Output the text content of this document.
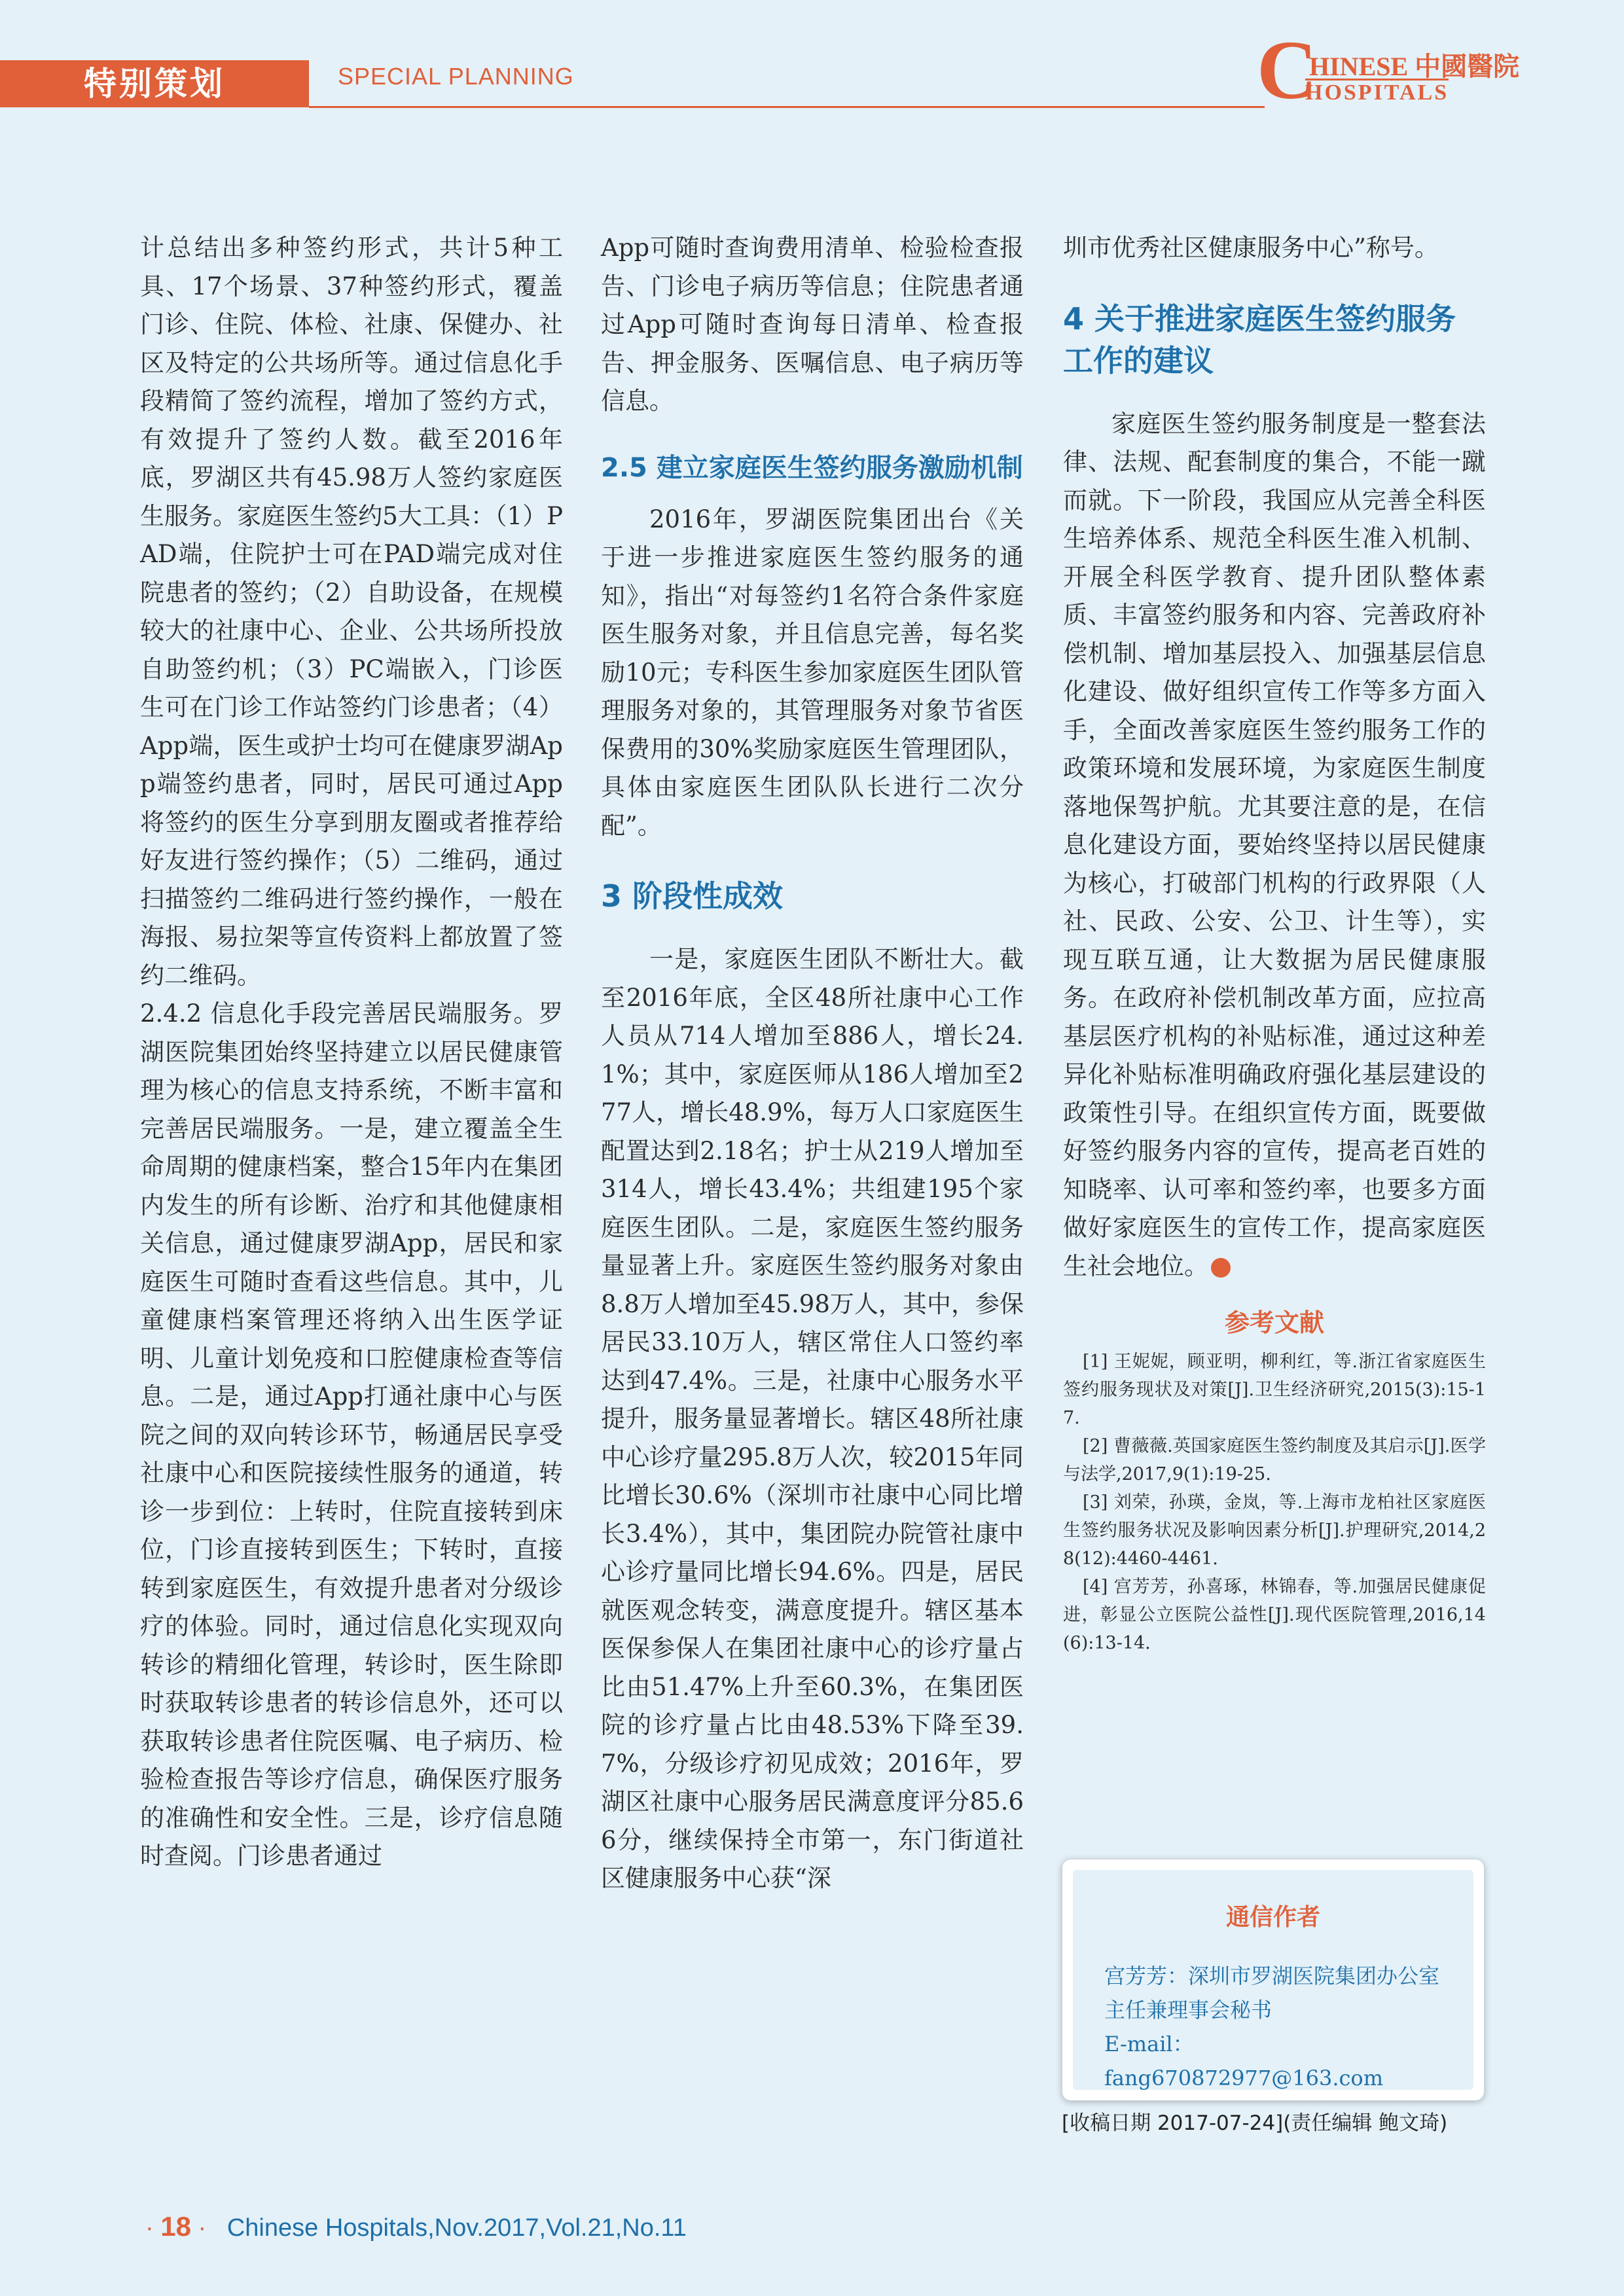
特别策划	SPECIAL PLANNING	C
HINESE 中國醫院
HOSPITALS

计总结出多种签约形式，共计5种工具、17个场景、37种签约形式，覆盖门诊、住院、体检、社康、保健办、社区及特定的公共场所等。通过信息化手段精简了签约流程，增加了签约方式，有效提升了签约人数。截至2016年底，罗湖区共有45.98万人签约家庭医生服务。家庭医生签约5大工具：（1）PAD端，住院护士可在PAD端完成对住院患者的签约；（2）自助设备，在规模较大的社康中心、企业、公共场所投放自助签约机；（3）PC端嵌入，门诊医生可在门诊工作站签约门诊患者；（4）App端，医生或护士均可在健康罗湖App端签约患者，同时，居民可通过App将签约的医生分享到朋友圈或者推荐给好友进行签约操作；（5）二维码，通过扫描签约二维码进行签约操作，一般在海报、易拉架等宣传资料上都放置了签约二维码。

2.4.2 信息化手段完善居民端服务。罗湖医院集团始终坚持建立以居民健康管理为核心的信息支持系统，不断丰富和完善居民端服务。一是，建立覆盖全生命周期的健康档案，整合15年内在集团内发生的所有诊断、治疗和其他健康相关信息，通过健康罗湖App，居民和家庭医生可随时查看这些信息。其中，儿童健康档案管理还将纳入出生医学证明、儿童计划免疫和口腔健康检查等信息。二是，通过App打通社康中心与医院之间的双向转诊环节，畅通居民享受社康中心和医院接续性服务的通道，转诊一步到位：上转时，住院直接转到床位，门诊直接转到医生；下转时，直接转到家庭医生，有效提升患者对分级诊疗的体验。同时，通过信息化实现双向转诊的精细化管理，转诊时，医生除即时获取转诊患者的转诊信息外，还可以获取转诊患者住院医嘱、电子病历、检验检查报告等诊疗信息，确保医疗服务的准确性和安全性。三是，诊疗信息随时查阅。门诊患者通过

App可随时查询费用清单、检验检查报告、门诊电子病历等信息；住院患者通过App可随时查询每日清单、检查报告、押金服务、医嘱信息、电子病历等信息。

2.5 建立家庭医生签约服务激励机制

2016年，罗湖医院集团出台《关于进一步推进家庭医生签约服务的通知》，指出“对每签约1名符合条件家庭医生服务对象，并且信息完善，每名奖励10元；专科医生参加家庭医生团队管理服务对象的，其管理服务对象节省医保费用的30%奖励家庭医生管理团队，具体由家庭医生团队队长进行二次分配”。

3 阶段性成效

一是，家庭医生团队不断壮大。截至2016年底，全区48所社康中心工作人员从714人增加至886人，增长24.1%；其中，家庭医师从186人增加至277人，增长48.9%，每万人口家庭医生配置达到2.18名；护士从219人增加至314人，增长43.4%；共组建195个家庭医生团队。二是，家庭医生签约服务量显著上升。家庭医生签约服务对象由8.8万人增加至45.98万人，其中，参保居民33.10万人，辖区常住人口签约率达到47.4%。三是，社康中心服务水平提升，服务量显著增长。辖区48所社康中心诊疗量295.8万人次，较2015年同比增长30.6%（深圳市社康中心同比增长3.4%），其中，集团院办院管社康中心诊疗量同比增长94.6%。四是，居民就医观念转变，满意度提升。辖区基本医保参保人在集团社康中心的诊疗量占比由51.47%上升至60.3%，在集团医院的诊疗量占比由48.53%下降至39.7%，分级诊疗初见成效；2016年，罗湖区社康中心服务居民满意度评分85.66分，继续保持全市第一，东门街道社区健康服务中心获“深

圳市优秀社区健康服务中心”称号。

4 关于推进家庭医生签约服务工作的建议

家庭医生签约服务制度是一整套法律、法规、配套制度的集合，不能一蹴而就。下一阶段，我国应从完善全科医生培养体系、规范全科医生准入机制、开展全科医学教育、提升团队整体素质、丰富签约服务和内容、完善政府补偿机制、增加基层投入、加强基层信息化建设、做好组织宣传工作等多方面入手，全面改善家庭医生签约服务工作的政策环境和发展环境，为家庭医生制度落地保驾护航。尤其要注意的是，在信息化建设方面，要始终坚持以居民健康为核心，打破部门机构的行政界限（人社、民政、公安、公卫、计生等），实现互联互通，让大数据为居民健康服务。在政府补偿机制改革方面，应拉高基层医疗机构的补贴标准，通过这种差异化补贴标准明确政府强化基层建设的政策性引导。在组织宣传方面，既要做好签约服务内容的宣传，提高老百姓的知晓率、认可率和签约率，也要多方面做好家庭医生的宣传工作，提高家庭医生社会地位。

参考文献

[1] 王妮妮，顾亚明，柳利红，等.浙江省家庭医生签约服务现状及对策[J].卫生经济研究,2015(3):15-17.

[2] 曹薇薇.英国家庭医生签约制度及其启示[J].医学与法学,2017,9(1):19-25.

[3] 刘荣，孙瑛，金岚，等.上海市龙柏社区家庭医生签约服务状况及影响因素分析[J].护理研究,2014,28(12):4460-4461.

[4] 宫芳芳，孙喜琢，林锦春，等.加强居民健康促进，彰显公立医院公益性[J].现代医院管理,2016,14(6):13-14.

通信作者
宫芳芳：深圳市罗湖医院集团办公室主任兼理事会秘书
E-mail：fang670872977@163.com
[收稿日期 2017-07-24](责任编辑 鲍文琦)
· 18 · Chinese Hospitals,Nov.2017,Vol.21,No.11
